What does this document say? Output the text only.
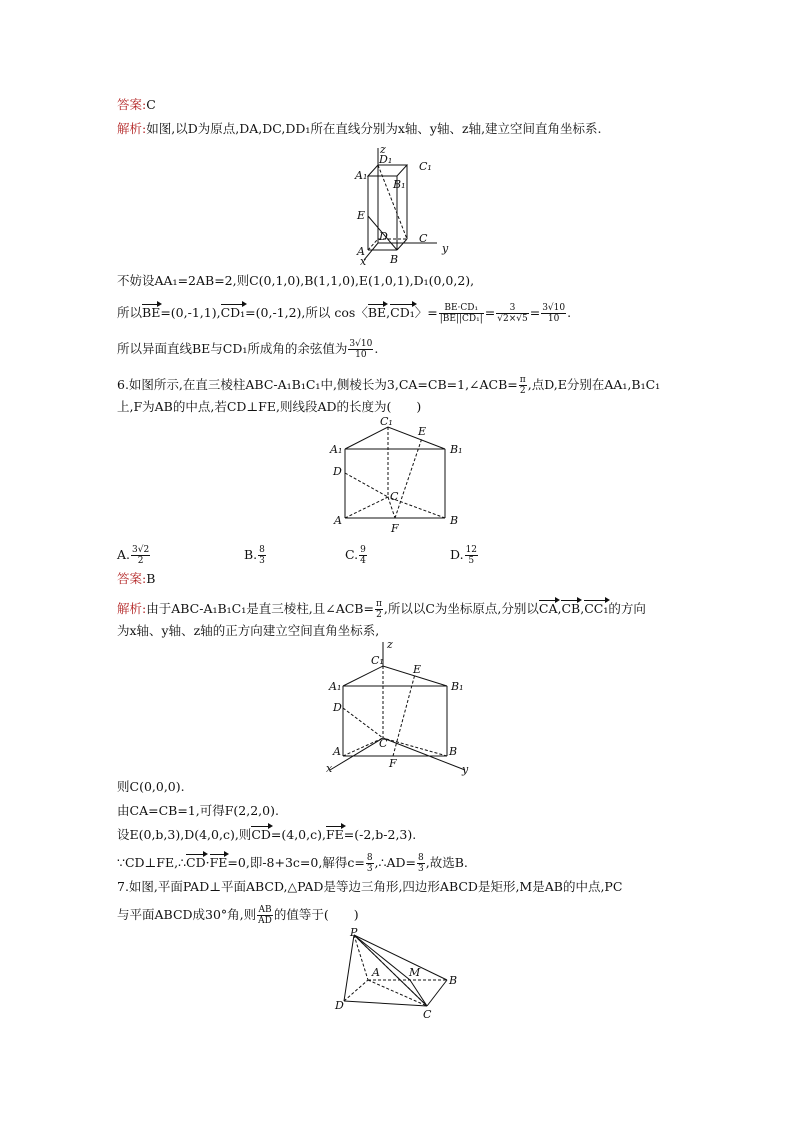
答案:C
解析:如图,以D为原点,DA,DC,DD₁所在直线分别为x轴、y轴、z轴,建立空间直角坐标系.
z
D₁
C₁
A₁
B₁
E
D	C
A
B
y
x
不妨设AA₁=2AB=2,则C(0,1,0),B(1,1,0),E(1,0,1),D₁(0,0,2),
所以BE=(0,-1,1),CD₁=(0,-1,2),所以 cos〈BE,CD₁〉= $\frac{\text{BE·CD₁}}{\text{|BE||CD₁|}} = \frac{3}{√2\times√5} = \frac{3√10}{10}$ .
所以异面直线BE与CD₁所成角的余弦值为 $\frac{3√10}{10}$ .
6.如图所示,在直三棱柱ABC-A₁B₁C₁中,侧棱长为3,CA=CB=1,∠ACB= $\frac{\pi}{2}$ ,点D,E分别在AA₁,B₁C₁
上,F为AB的中点,若CD⊥FE,则线段AD的长度为(　　)
C₁
E
A₁	B₁
D
C
A
F
B
A. $\frac{3√2}{2}$	B. $\frac{8}{3}$	C. $\frac{9}{4}$	D. $\frac{12}{5}$
答案:B
解析:由于ABC-A₁B₁C₁是直三棱柱,且∠ACB= $\frac{\pi}{2}$ ,所以以C为坐标原点,分别以CA,CB,CC₁的方向
为x轴、y轴、z轴的正方向建立空间直角坐标系,
z
C₁
E
A₁	B₁
D
C
A	B
F
x	y
则C(0,0,0).
由CA=CB=1,可得F(2,2,0).
设E(0,b,3),D(4,0,c),则CD=(4,0,c),FE=(-2,b-2,3).
∵CD⊥FE,∴CD·FE=0,即-8+3c=0,解得$c= \frac{8}{3}$ ,∴AD= $\frac{8}{3}$ ,故选B.
7.如图,平面PAD⊥平面ABCD,△PAD是等边三角形,四边形ABCD是矩形,M是AB的中点,PC
与平面ABCD成30°角,则 $\frac{AB}{AD}$ 的值等于(　　)
P
A	M
B
D
C
